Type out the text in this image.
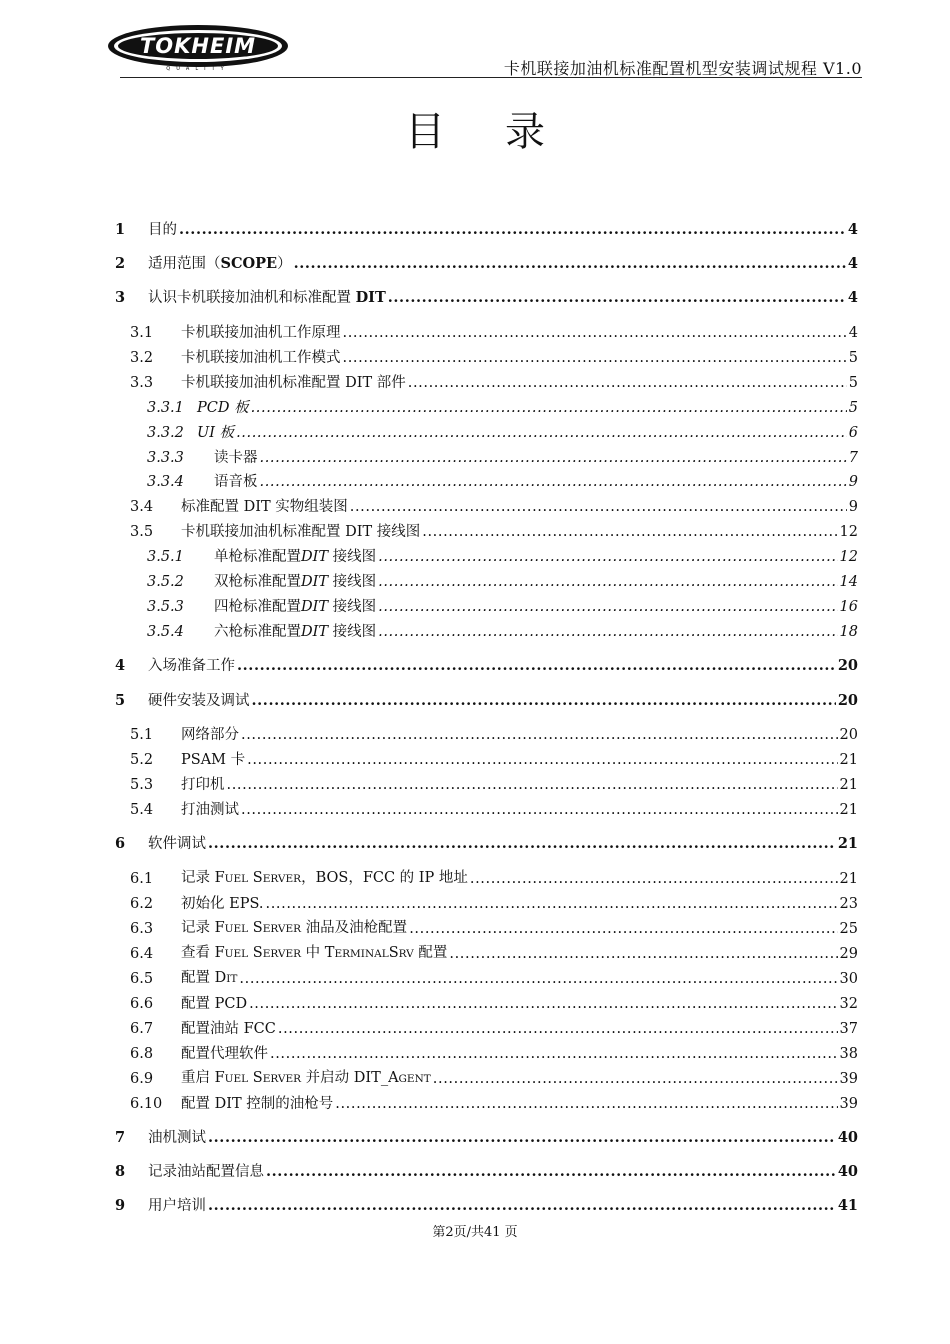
TOKHEIM
QUALITY	卡机联接加油机标准配置机型安装调试规程 V1.0
目录
1 目的 .....	4
2 适用范围（SCOPE） .....	4
3 认识卡机联接加油机和标准配置 DIT .....	4
3.1 卡机联接加油机工作原理 .....	4
3.2 卡机联接加油机工作模式 .....	5
3.3 卡机联接加油机标准配置 DIT 部件 .....	5
3.3.1 PCD 板 .....	5
3.3.2 UI 板 .....	6
3.3.3 读卡器 .....	7
3.3.4 语音板 .....	9
3.4 标准配置 DIT 实物组装图 .....	9
3.5 卡机联接加油机标准配置 DIT 接线图 .....	12
3.5.1 单枪标准配置DIT 接线图 .....	12
3.5.2 双枪标准配置DIT 接线图 .....	14
3.5.3 四枪标准配置DIT 接线图 .....	16
3.5.4 六枪标准配置DIT 接线图 .....	18
4 入场准备工作 .....	20
5 硬件安装及调试 .....	20
5.1 网络部分 .....	20
5.2 PSAM 卡 .....	21
5.3 打印机 .....	21
5.4 打油测试 .....	21
6 软件调试 .....	21
6.1 记录 FUEL SERVER，BOS，FCC 的 IP 地址 .....	21
6.2 初始化 EPS. .....	23
6.3 记录 FUEL SERVER 油品及油枪配置 .....	25
6.4 查看 FUEL SERVER 中 TERMINALSRV 配置 .....	29
6.5 配置 DIT .....	30
6.6 配置 PCD .....	32
6.7 配置油站 FCC .....	37
6.8 配置代理软件 .....	38
6.9 重启 FUEL SERVER 并启动 DIT_AGENT .....	39
6.10 配置 DIT 控制的油枪号 .....	39
7 油机测试 .....	40
8 记录油站配置信息 .....	40
9 用户培训 .....	41
第2页/共41 页
